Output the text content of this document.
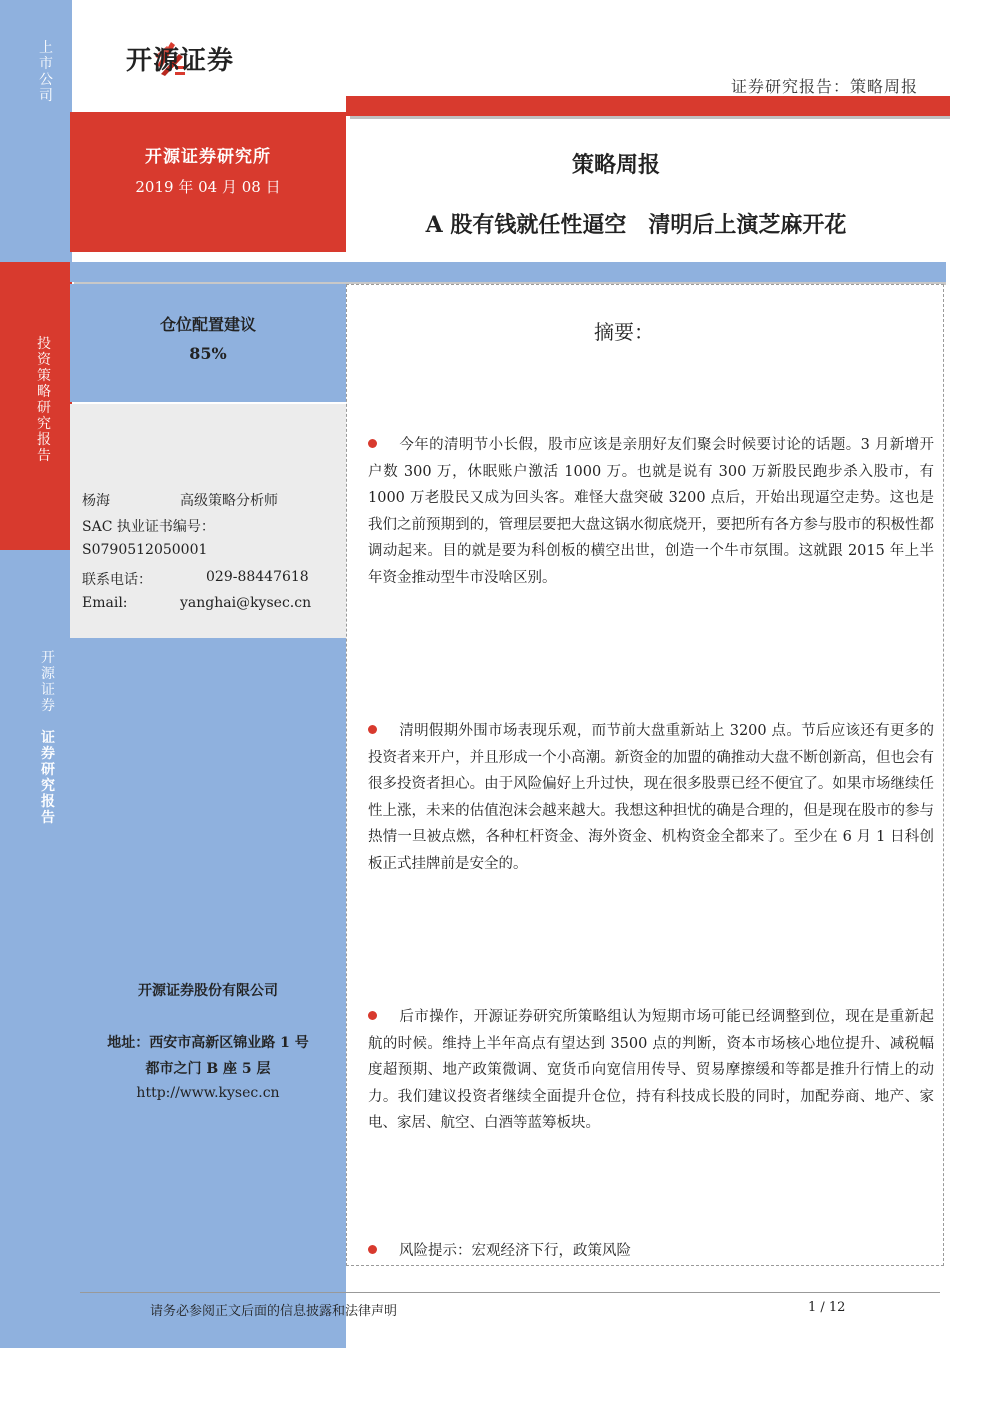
上市公司
投资策略研究报告
开源证券
证券研究报告
开源证券
证券研究报告：策略周报
开源证券研究所
2019 年 04 月 08 日
策略周报
A 股有钱就任性逼空　清明后上演芝麻开花
仓位配置建议
85%
杨海	高级策略分析师
SAC 执业证书编号：
S0790512050001
联系电话：	029-88447618
Email:	yanghai@kysec.cn
开源证券股份有限公司
地址：西安市高新区锦业路 1 号
都市之门 B 座 5 层
http://www.kysec.cn
摘要：

今年的清明节小长假，股市应该是亲朋好友们聚会时候要讨论的话题。3 月新增开户数 300 万，休眠账户激活 1000 万。也就是说有 300 万新股民跑步杀入股市，有 1000 万老股民又成为回头客。难怪大盘突破 3200 点后，开始出现逼空走势。这也是我们之前预期到的，管理层要把大盘这锅水彻底烧开，要把所有各方参与股市的积极性都调动起来。目的就是要为科创板的横空出世，创造一个牛市氛围。这就跟 2015 年上半年资金推动型牛市没啥区别。

清明假期外围市场表现乐观，而节前大盘重新站上 3200 点。节后应该还有更多的投资者来开户，并且形成一个小高潮。新资金的加盟的确推动大盘不断创新高，但也会有很多投资者担心。由于风险偏好上升过快，现在很多股票已经不便宜了。如果市场继续任性上涨，未来的估值泡沫会越来越大。我想这种担忧的确是合理的，但是现在股市的参与热情一旦被点燃，各种杠杆资金、海外资金、机构资金全都来了。至少在 6 月 1 日科创板正式挂牌前是安全的。

后市操作，开源证券研究所策略组认为短期市场可能已经调整到位，现在是重新起航的时候。维持上半年高点有望达到 3500 点的判断，资本市场核心地位提升、减税幅度超预期、地产政策微调、宽货币向宽信用传导、贸易摩擦缓和等都是推升行情上的动力。我们建议投资者继续全面提升仓位，持有科技成长股的同时，加配券商、地产、家电、家居、航空、白酒等蓝筹板块。

风险提示：宏观经济下行，政策风险

请务必参阅正文后面的信息披露和法律声明	1 / 12
